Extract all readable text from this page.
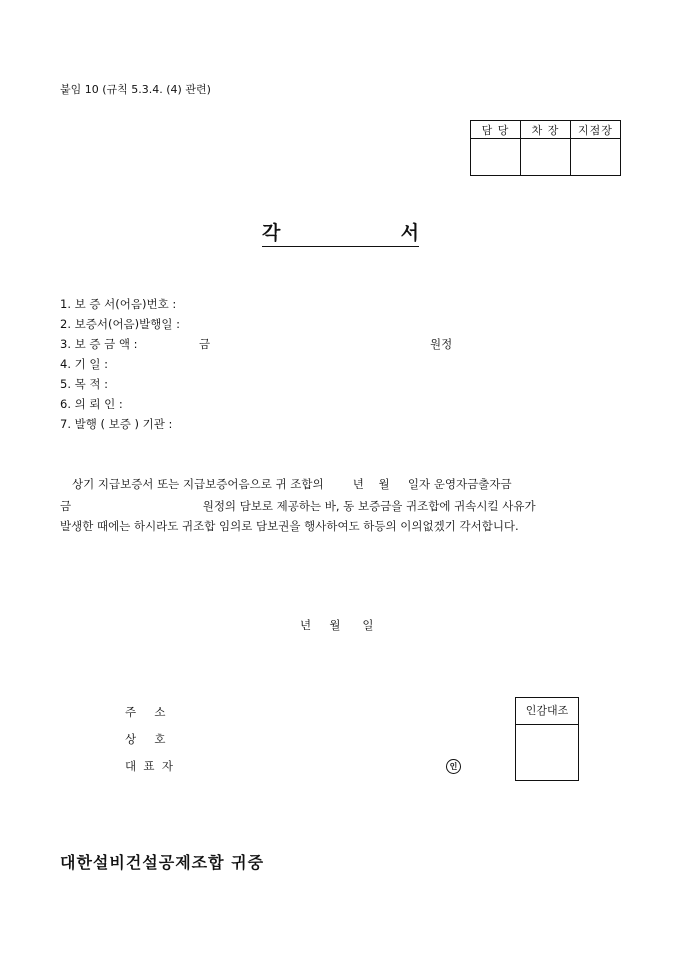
붙임 10 (규칙 5.3.4. (4) 관련)
담 당	차 장	지점장

각	서
1. 보 증 서(어음)번호 :
2. 보증서(어음)발행일 :
3. 보 증 금 액 :	금	원정
4. 기 일 :
5. 목 적 :
6. 의 뢰 인 :
7. 발행 ( 보증 ) 기관 :
상기 지급보증서 또는 지급보증어음으로 귀 조합의        년    월     일자 운영자금출자금
금                                    원정의 담보로 제공하는 바, 동 보증금을 귀조합에 귀속시킬 사유가
발생한 때에는 하시라도 귀조합 임의로 담보권을 행사하여도 하등의 이의없겠기 각서합니다.
년     월      일
주     소
상     호
대  표  자	인
인감대조
대한설비건설공제조합 귀중
